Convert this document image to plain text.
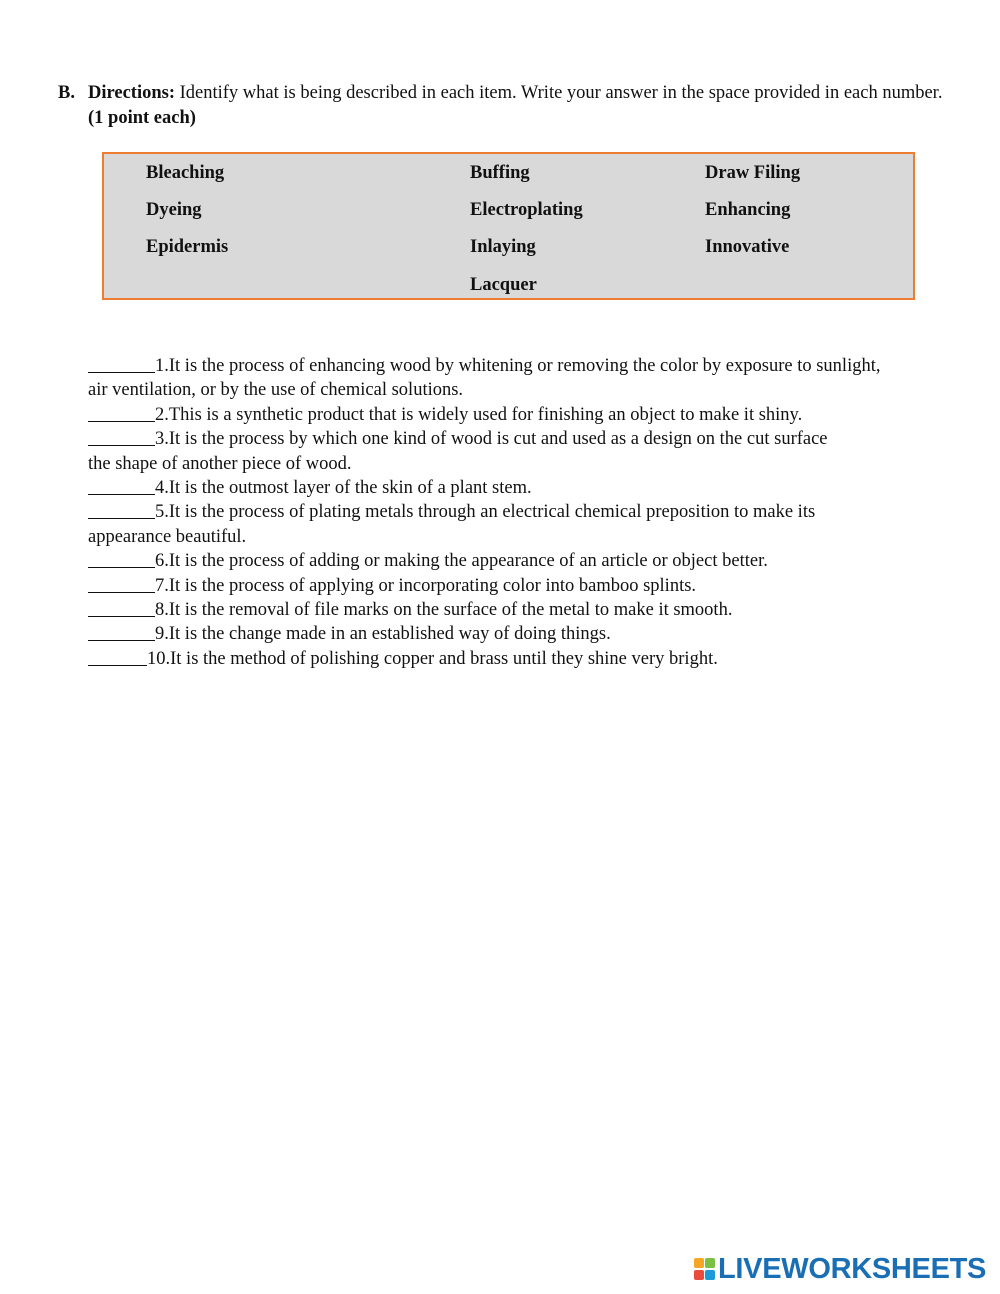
B. Directions: Identify what is being described in each item. Write your answer in the space provided in each number. (1 point each)
Bleaching
Dyeing
Epidermis
Buffing
Electroplating
Inlaying
Lacquer
Draw Filing
Enhancing
Innovative
1. It is the process of enhancing wood by whitening or removing the color by exposure to sunlight,
air ventilation, or by the use of chemical solutions.
2. This is a synthetic product that is widely used for finishing an object to make it shiny.
3. It is the process by which one kind of wood is cut and used as a design on the cut surface
the shape of another piece of wood.
4. It is the outmost layer of the skin of a plant stem.
5. It is the process of plating metals through an electrical chemical preposition to make its
appearance beautiful.
6. It is the process of adding or making the appearance of an article or object better.
7. It is the process of applying or incorporating color into bamboo splints.
8. It is the removal of file marks on the surface of the metal to make it smooth.
9. It is the change made in an established way of doing things.
10. It is the method of polishing copper and brass until they shine very bright.
LIVEWORKSHEETS
